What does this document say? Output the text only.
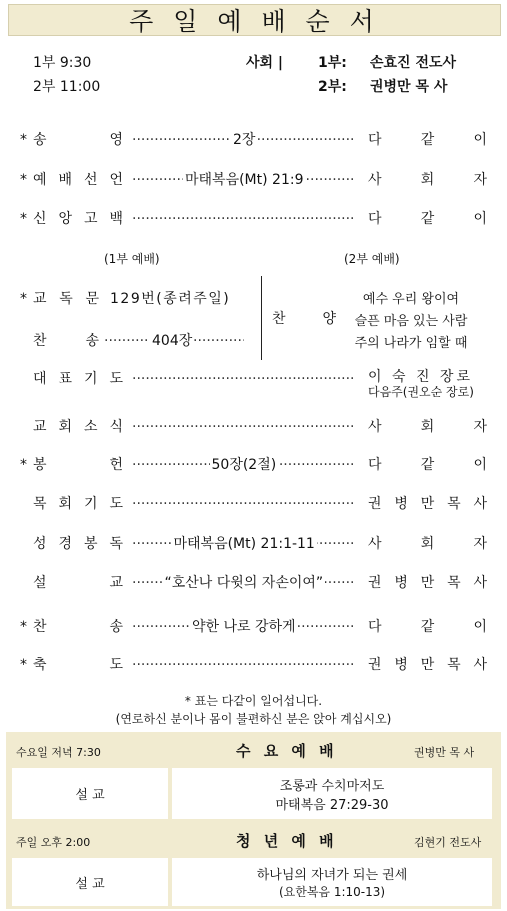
주 일 예 배 순 서
1부 9:30
2부 11:00
사회 | 1부: 손효진 전도사
2부: 권병만 목 사
* 송	영 ·····	2장	다	같	이
* 예 배 선 언 ·····	마태복음(Mt) 21:9	사	회	자
* 신 앙 고 백 ·····	다	같	이
(1부 예배)	(2부 예배)
* 교 독 문 129번(종려주일)
찬	송 ·····	404장
찬	양
예수 우리 왕이여
슬픈 마음 있는 사람
주의 나라가 임할 때
대 표 기 도 ·····	이 숙 진 장로
다음주(권오순 장로)
교 회 소 식 ·····	사	회	자
* 봉	헌 ·····	50장(2절)	다	같	이
목 회 기 도 ·····	권 병 만 목 사
성 경 봉 독 ·····	마태복음(Mt) 21:1-11	사	회	자
설	교 ·····	“호산나 다윗의 자손이여”	권 병 만 목 사
* 찬	송 ·····	약한 나로 강하게	다	같	이
* 축	도 ·····	권 병 만 목 사
* 표는 다같이 일어섭니다.
(연로하신 분이나 몸이 불편하신 분은 앉아 계십시오)
수요일 저녁 7:30	수 요 예 배	권병만 목 사
설 교
조롱과 수치마저도
마태복음 27:29-30
주일 오후 2:00	청 년 예 배	김현기 전도사
설 교
하나님의 자녀가 되는 권세
(요한복음 1:10-13)
